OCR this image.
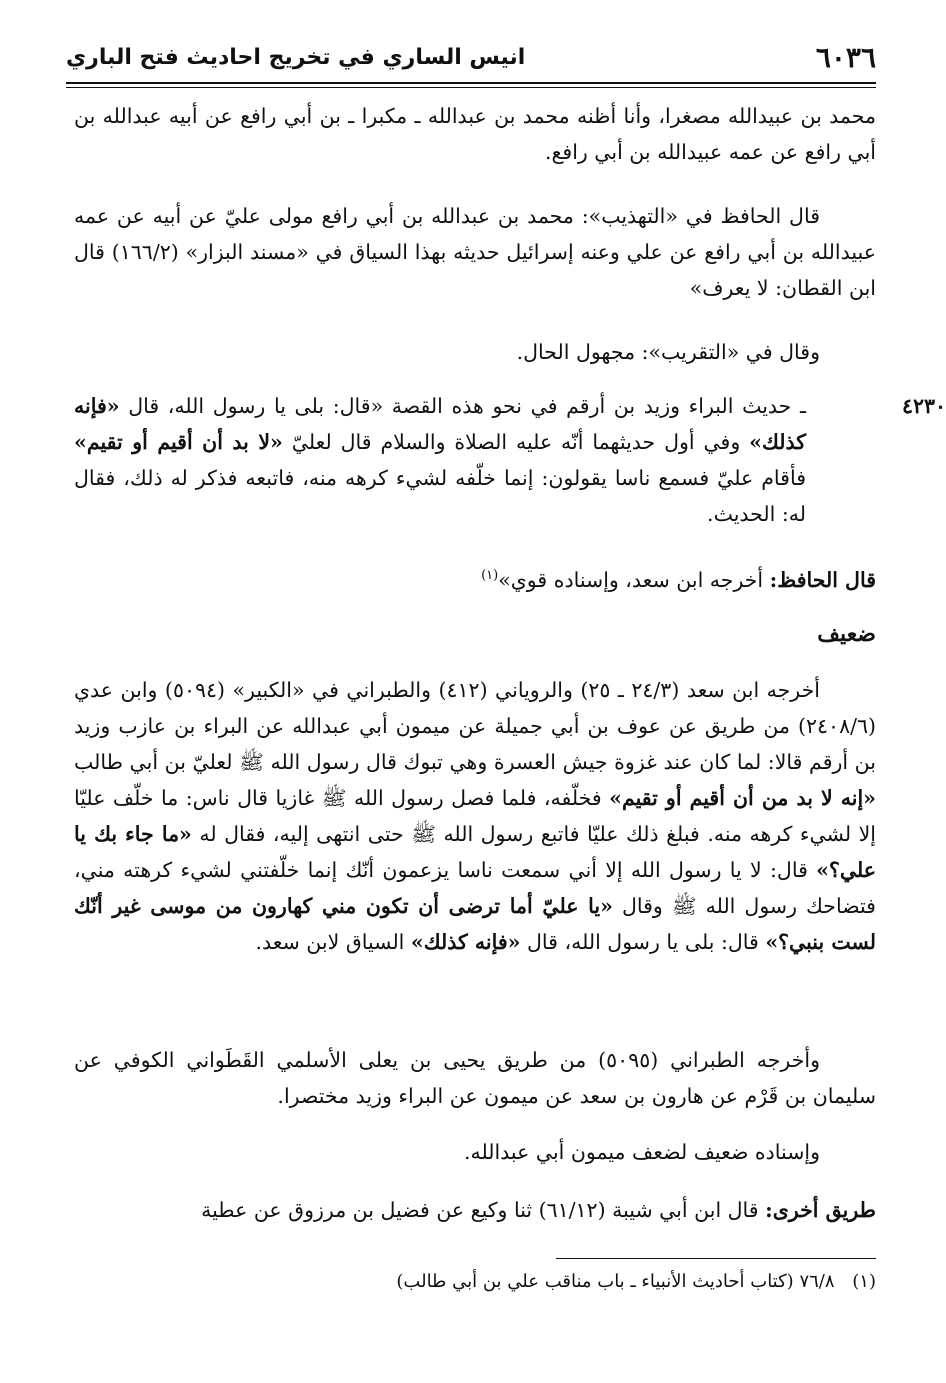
٦٠٣٦
انيس الساري في تخريج احاديث فتح الباري

محمد بن عبيدالله مصغرا، وأنا أظنه محمد بن عبدالله ـ مكبرا ـ بن أبي رافع عن أبيه عبدالله بن أبي رافع عن عمه عبيدالله بن أبي رافع.

قال الحافظ في «التهذيب»: محمد بن عبدالله بن أبي رافع مولى عليّ عن أبيه عن عمه عبيدالله بن أبي رافع عن علي وعنه إسرائيل حديثه بهذا السياق في «مسند البزار» (١٦٦/٢) قال ابن القطان: لا يعرف»

وقال في «التقريب»: مجهول الحال.

٤٢٣٠
ـ حديث البراء وزيد بن أرقم في نحو هذه القصة «قال: بلى يا رسول الله، قال «فإنه كذلك» وفي أول حديثهما أنّه عليه الصلاة والسلام قال لعليّ «لا بد أن أقيم أو تقيم» فأقام عليّ فسمع ناسا يقولون: إنما خلّفه لشيء كرهه منه، فاتبعه فذكر له ذلك، فقال له: الحديث.
قال الحافظ: أخرجه ابن سعد، وإسناده قوي»$^{(١)}$
ضعيف
أخرجه ابن سعد (٢٤/٣ ـ ٢٥) والروياني (٤١٢) والطبراني في «الكبير» (٥٠٩٤) وابن عدي (٢٤٠٨/٦) من طريق عن عوف بن أبي جميلة عن ميمون أبي عبدالله عن البراء بن عازب وزيد بن أرقم قالا: لما كان عند غزوة جيش العسرة وهي تبوك قال رسول الله ﷺ لعليّ بن أبي طالب «إنه لا بد من أن أقيم أو تقيم» فخلّفه، فلما فصل رسول الله ﷺ غازيا قال ناس: ما خلّف عليّا إلا لشيء كرهه منه. فبلغ ذلك عليّا فاتبع رسول الله ﷺ حتى انتهى إليه، فقال له «ما جاء بك يا علي؟» قال: لا يا رسول الله إلا أني سمعت ناسا يزعمون أنّك إنما خلّفتني لشيء كرهته مني، فتضاحك رسول الله ﷺ وقال «يا عليّ أما ترضى أن تكون مني كهارون من موسى غير أنّك لست بنبي؟» قال: بلى يا رسول الله، قال «فإنه كذلك» السياق لابن سعد.

وأخرجه الطبراني (٥٠٩٥) من طريق يحيى بن يعلى الأسلمي القَطَواني الكوفي عن سليمان بن قَرْم عن هارون بن سعد عن ميمون عن البراء وزيد مختصرا.

وإسناده ضعيف لضعف ميمون أبي عبدالله.

طريق أخرى: قال ابن أبي شيبة (٦١/١٢) ثنا وكيع عن فضيل بن مرزوق عن عطية
(١) ٧٦/٨ (كتاب أحاديث الأنبياء ـ باب مناقب علي بن أبي طالب)
